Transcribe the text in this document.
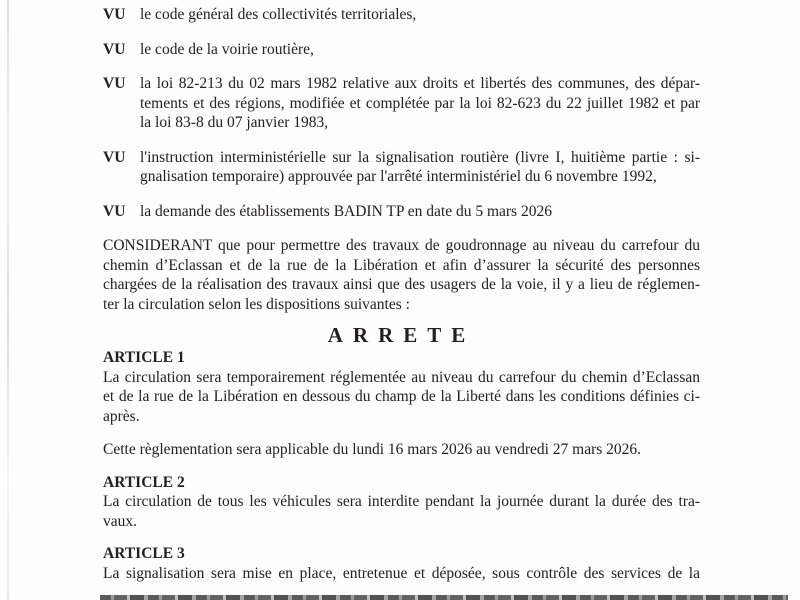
VU le code général des collectivités territoriales,
VU le code de la voirie routière,
VU la loi 82-213 du 02 mars 1982 relative aux droits et libertés des communes, des dépar-
tements et des régions, modifiée et complétée par la loi 82-623 du 22 juillet 1982 et par
la loi 83-8 du 07 janvier 1983,
VU l'instruction interministérielle sur la signalisation routière (livre I, huitième partie : si-
gnalisation temporaire) approuvée par l'arrêté interministériel du 6 novembre 1992,
VU la demande des établissements BADIN TP en date du 5 mars 2026
CONSIDERANT que pour permettre des travaux de goudronnage au niveau du carrefour du
chemin d’Eclassan et de la rue de la Libération et afin d’assurer la sécurité des personnes
chargées de la réalisation des travaux ainsi que des usagers de la voie, il y a lieu de réglemen-
ter la circulation selon les dispositions suivantes :
ARRETE
ARTICLE 1
La circulation sera temporairement réglementée au niveau du carrefour du chemin d’Eclassan
et de la rue de la Libération en dessous du champ de la Liberté dans les conditions définies ci-
après.
Cette règlementation sera applicable du lundi 16 mars 2026 au vendredi 27 mars 2026.
ARTICLE 2
La circulation de tous les véhicules sera interdite pendant la journée durant la durée des tra-
vaux.
ARTICLE 3
La signalisation sera mise en place, entretenue et déposée, sous contrôle des services de la
